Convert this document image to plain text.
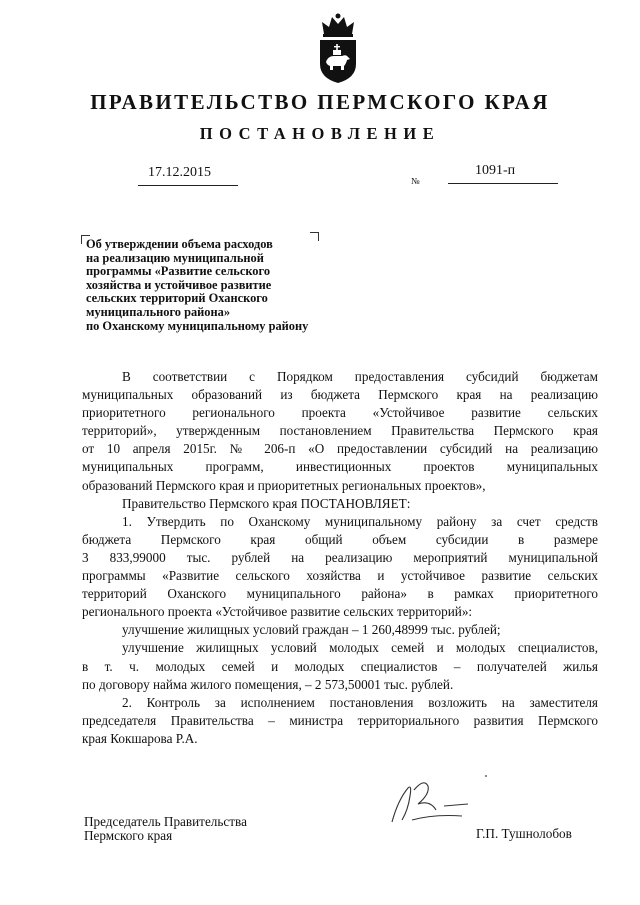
ПРАВИТЕЛЬСТВО ПЕРМСКОГО КРАЯ
ПОСТАНОВЛЕНИЕ
17.12.2015
№
1091-п
Об утверждении объема расходов
на реализацию муниципальной
программы «Развитие сельского
хозяйства и устойчивое развитие
сельских территорий Оханского
муниципального района»
по Оханскому муниципальному району
В соответствии с Порядком предоставления субсидий бюджетам
муниципальных образований из бюджета Пермского края на реализацию
приоритетного регионального проекта «Устойчивое развитие сельских
территорий», утвержденным постановлением Правительства Пермского края
от 10 апреля 2015г. № 206-п «О предоставлении субсидий на реализацию
муниципальных программ, инвестиционных проектов муниципальных
образований Пермского края и приоритетных региональных проектов»,
Правительство Пермского края ПОСТАНОВЛЯЕТ:
1. Утвердить по Оханскому муниципальному району за счет средств
бюджета Пермского края общий объем субсидии в размере
3 833,99000 тыс. рублей на реализацию мероприятий муниципальной
программы «Развитие сельского хозяйства и устойчивое развитие сельских
территорий Оханского муниципального района» в рамках приоритетного
регионального проекта «Устойчивое развитие сельских территорий»:
улучшение жилищных условий граждан – 1 260,48999 тыс. рублей;
улучшение жилищных условий молодых семей и молодых специалистов,
в т. ч. молодых семей и молодых специалистов – получателей жилья
по договору найма жилого помещения, – 2 573,50001 тыс. рублей.
2. Контроль за исполнением постановления возложить на заместителя
председателя Правительства – министра территориального развития Пермского
края Кокшарова Р.А.
Председатель Правительства
Пермского края	Г.П. Тушнолобов
